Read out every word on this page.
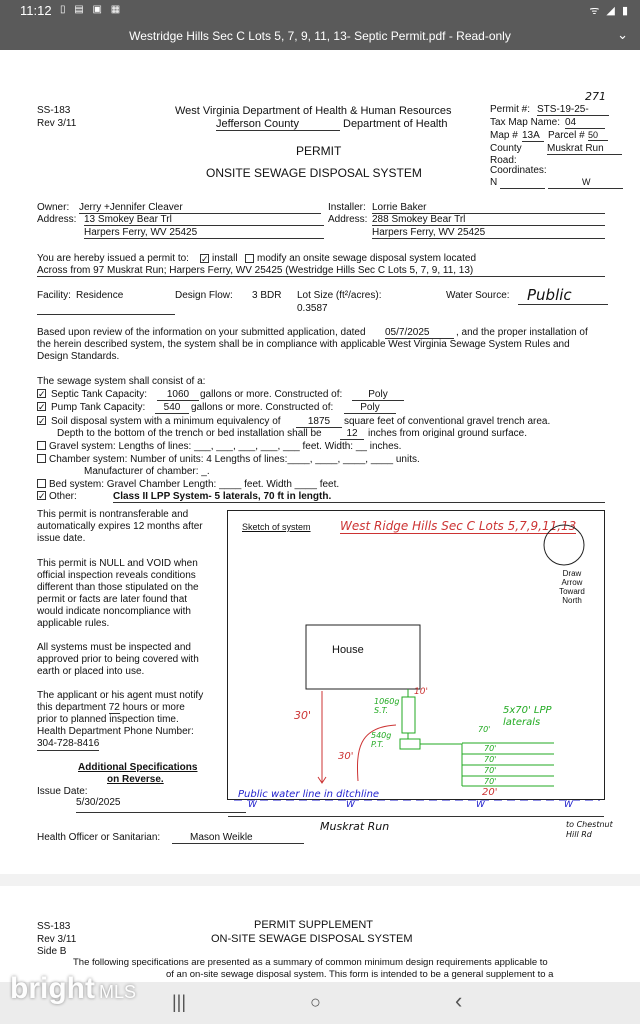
11:12 ▯ ▤ ▣ ▦	ᯤ ◢ ▮
Westridge Hills Sec C Lots 5, 7, 9, 11, 13- Septic Permit.pdf - Read-only	⌄
SS-183
Rev 3/11
West Virginia Department of Health & Human Resources
Jefferson County	Department of Health
PERMIT
ONSITE SEWAGE DISPOSAL SYSTEM
Permit #: STS-19-25-
271
Tax Map Name: 04
Map # 13A Parcel # 50
County Road:
Muskrat Run
Coordinates:
N	W
Owner: Jerry +Jennifer Cleaver
Address: 13 Smokey Bear Trl
Harpers Ferry, WV 25425
Installer: Lorrie Baker
Address: 288 Smokey Bear Trl
Harpers Ferry, WV 25425
You are hereby issued a permit to: ✓ install modify an onsite sewage disposal system located
Across from 97 Muskrat Run; Harpers Ferry, WV 25425 (Westridge Hills Sec C Lots 5, 7, 9, 11, 13)
Facility: Residence	Design Flow: 3 BDR Lot Size (ft²/acres):
0.3587
Water Source: Public
Based upon review of the information on your submitted application, dated 05/7/2025	, and the proper installation of
the herein described system, the system shall be in compliance with applicable West Virginia Sewage System Rules and
Design Standards.
The sewage system shall consist of a:
✓ Septic Tank Capacity:	1060	gallons or more. Constructed of:	Poly
✓ Pump Tank Capacity:	540	gallons or more. Constructed of:	Poly
✓ Soil disposal system with a minimum equivalency of	1875	square feet of conventional gravel trench area.
Depth to the bottom of the trench or bed installation shall be	12	inches from original ground surface.
Gravel system: Lengths of lines: ___, ___, ___, ___, ___ feet. Width: __ inches.
Chamber system: Number of units: 4 Lengths of lines:____, ____, ____, ____ units.
Manufacturer of chamber: _.
Bed system: Gravel Chamber Length: ____ feet. Width ____ feet.
✓ Other:	Class II LPP System- 5 laterals, 70 ft in length.
This permit is nontransferable and
automatically expires 12 months after
issue date.
This permit is NULL and VOID when
official inspection reveals conditions
different than those stipulated on the
permit or facts are later found that
would indicate noncompliance with
applicable rules.
All systems must be inspected and
approved prior to being covered with
earth or placed into use.
The applicant or his agent must notify
this department 72 hours or more
prior to planned inspection time.
Health Department Phone Number:
304-728-8416
Additional Specifications
on Reverse.
Issue Date:
5/30/2025
Sketch of system West Ridge Hills Sec C Lots 5,7,9,11,13
Draw
Arrow
Toward
North
House
1060g S.T.
540g P.T.
10'
30'
30'
5x70' LPP laterals
70'
70'
70'
70'
70'
Public water line in ditchline	20'
W	W	W	W
Muskrat Run	to Chestnut Hill Rd
Health Officer or Sanitarian:	Mason Weikle
SS-183
Rev 3/11
Side B
PERMIT SUPPLEMENT
ON-SITE SEWAGE DISPOSAL SYSTEM
The following specifications are presented as a summary of common minimum design requirements applicable to
of an on-site sewage disposal system. This form is intended to be a general supplement to a
|||	○	‹
bright MLS
